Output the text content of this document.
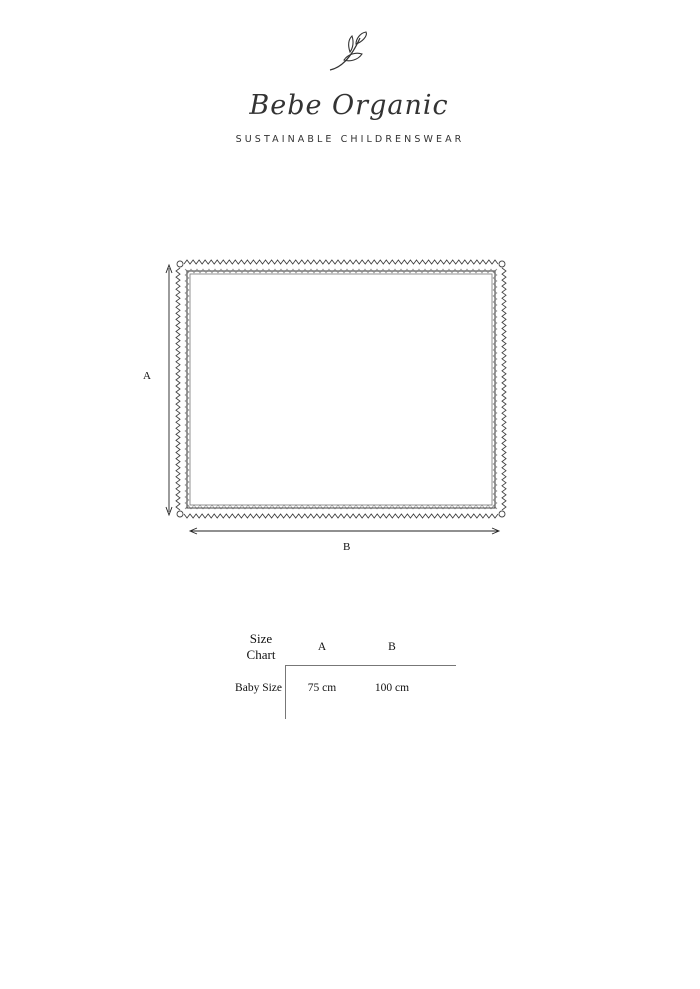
Bebe Organic
SUSTAINABLE CHILDRENSWEAR
A
B
Size Chart	A	B
Baby Size	75 cm	100 cm
